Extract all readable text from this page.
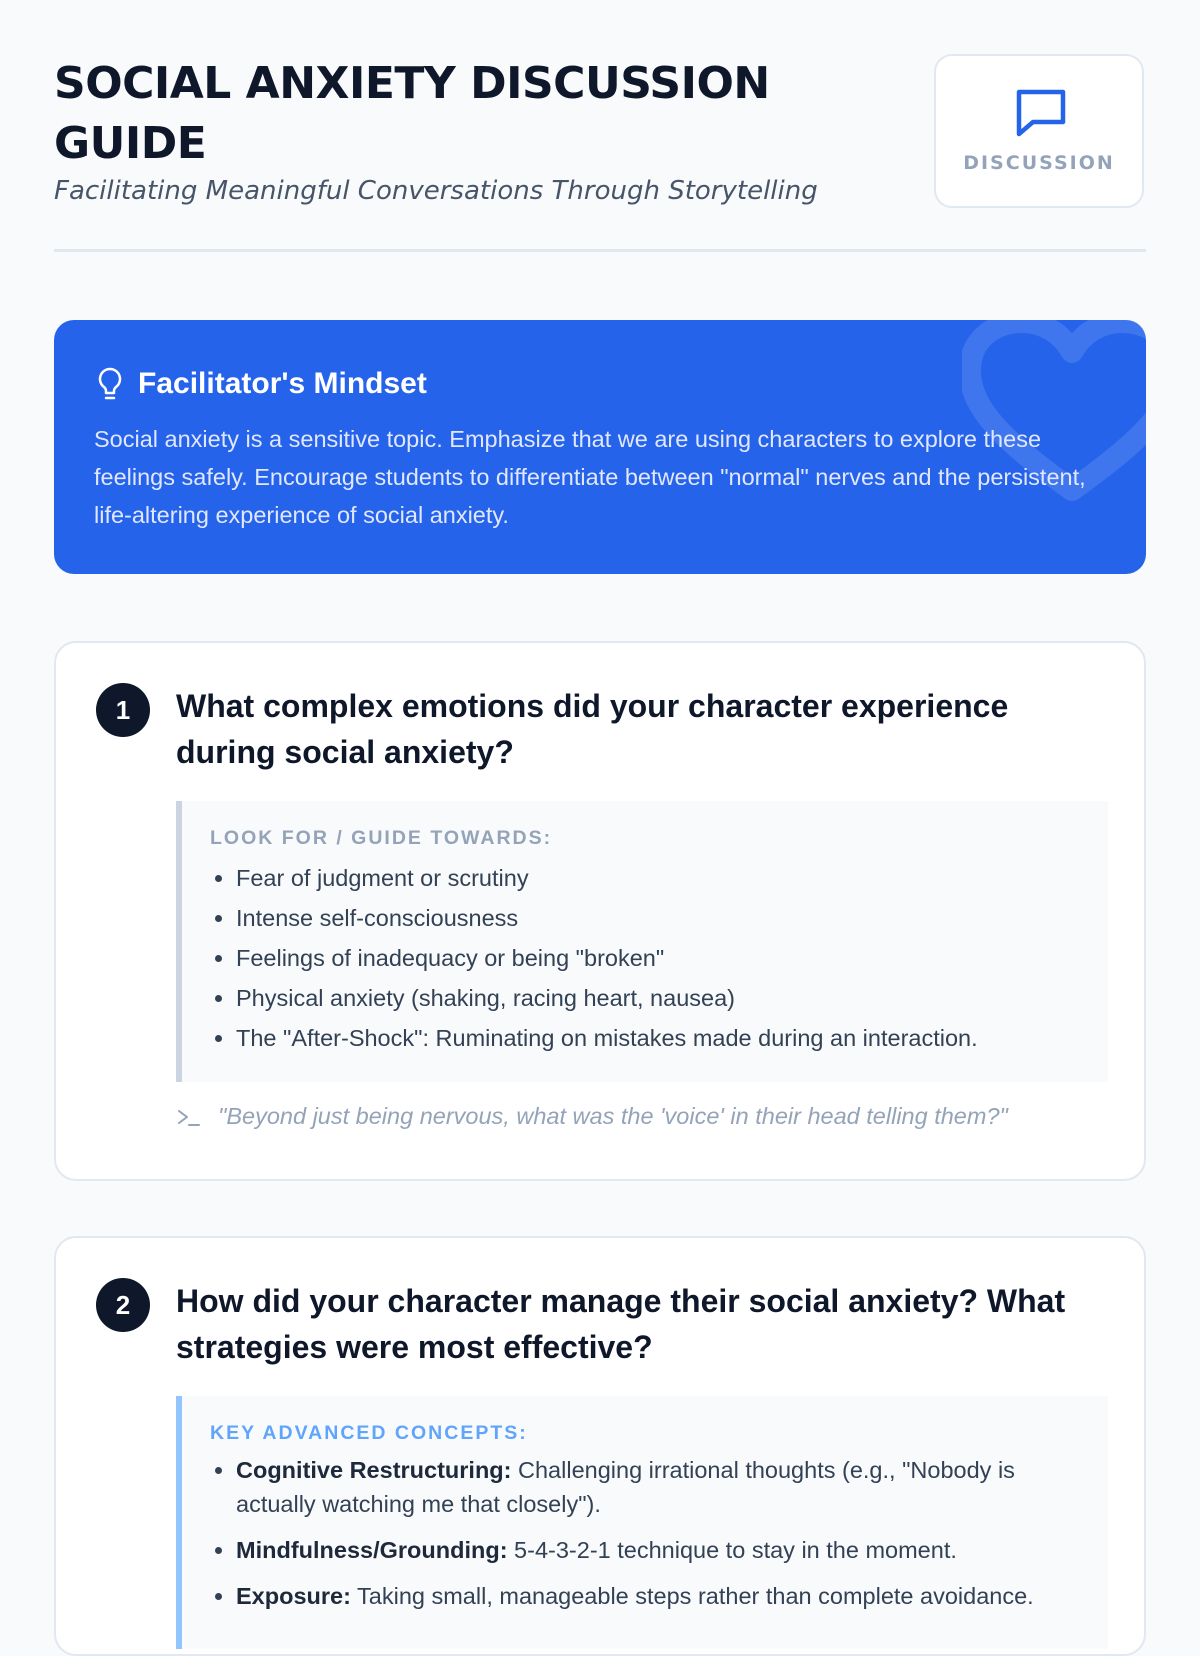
SOCIAL ANXIETY DISCUSSION GUIDE

Facilitating Meaningful Conversations Through Storytelling

DISCUSSION
Facilitator's Mindset

Social anxiety is a sensitive topic. Emphasize that we are using characters to explore these feelings safely. Encourage students to differentiate between "normal" nerves and the persistent, life-altering experience of social anxiety.

1	What complex emotions did your character experience during social anxiety?
LOOK FOR / GUIDE TOWARDS:
• Fear of judgment or scrutiny
• Intense self-consciousness
• Feelings of inadequacy or being "broken"
• Physical anxiety (shaking, racing heart, nausea)
• The "After-Shock": Ruminating on mistakes made during an interaction.
"Beyond just being nervous, what was the 'voice' in their head telling them?"
2	How did your character manage their social anxiety? What strategies were most effective?
KEY ADVANCED CONCEPTS:
• Cognitive Restructuring: Challenging irrational thoughts (e.g., "Nobody is actually watching me that closely").
• Mindfulness/Grounding: 5-4-3-2-1 technique to stay in the moment.
• Exposure: Taking small, manageable steps rather than complete avoidance.
